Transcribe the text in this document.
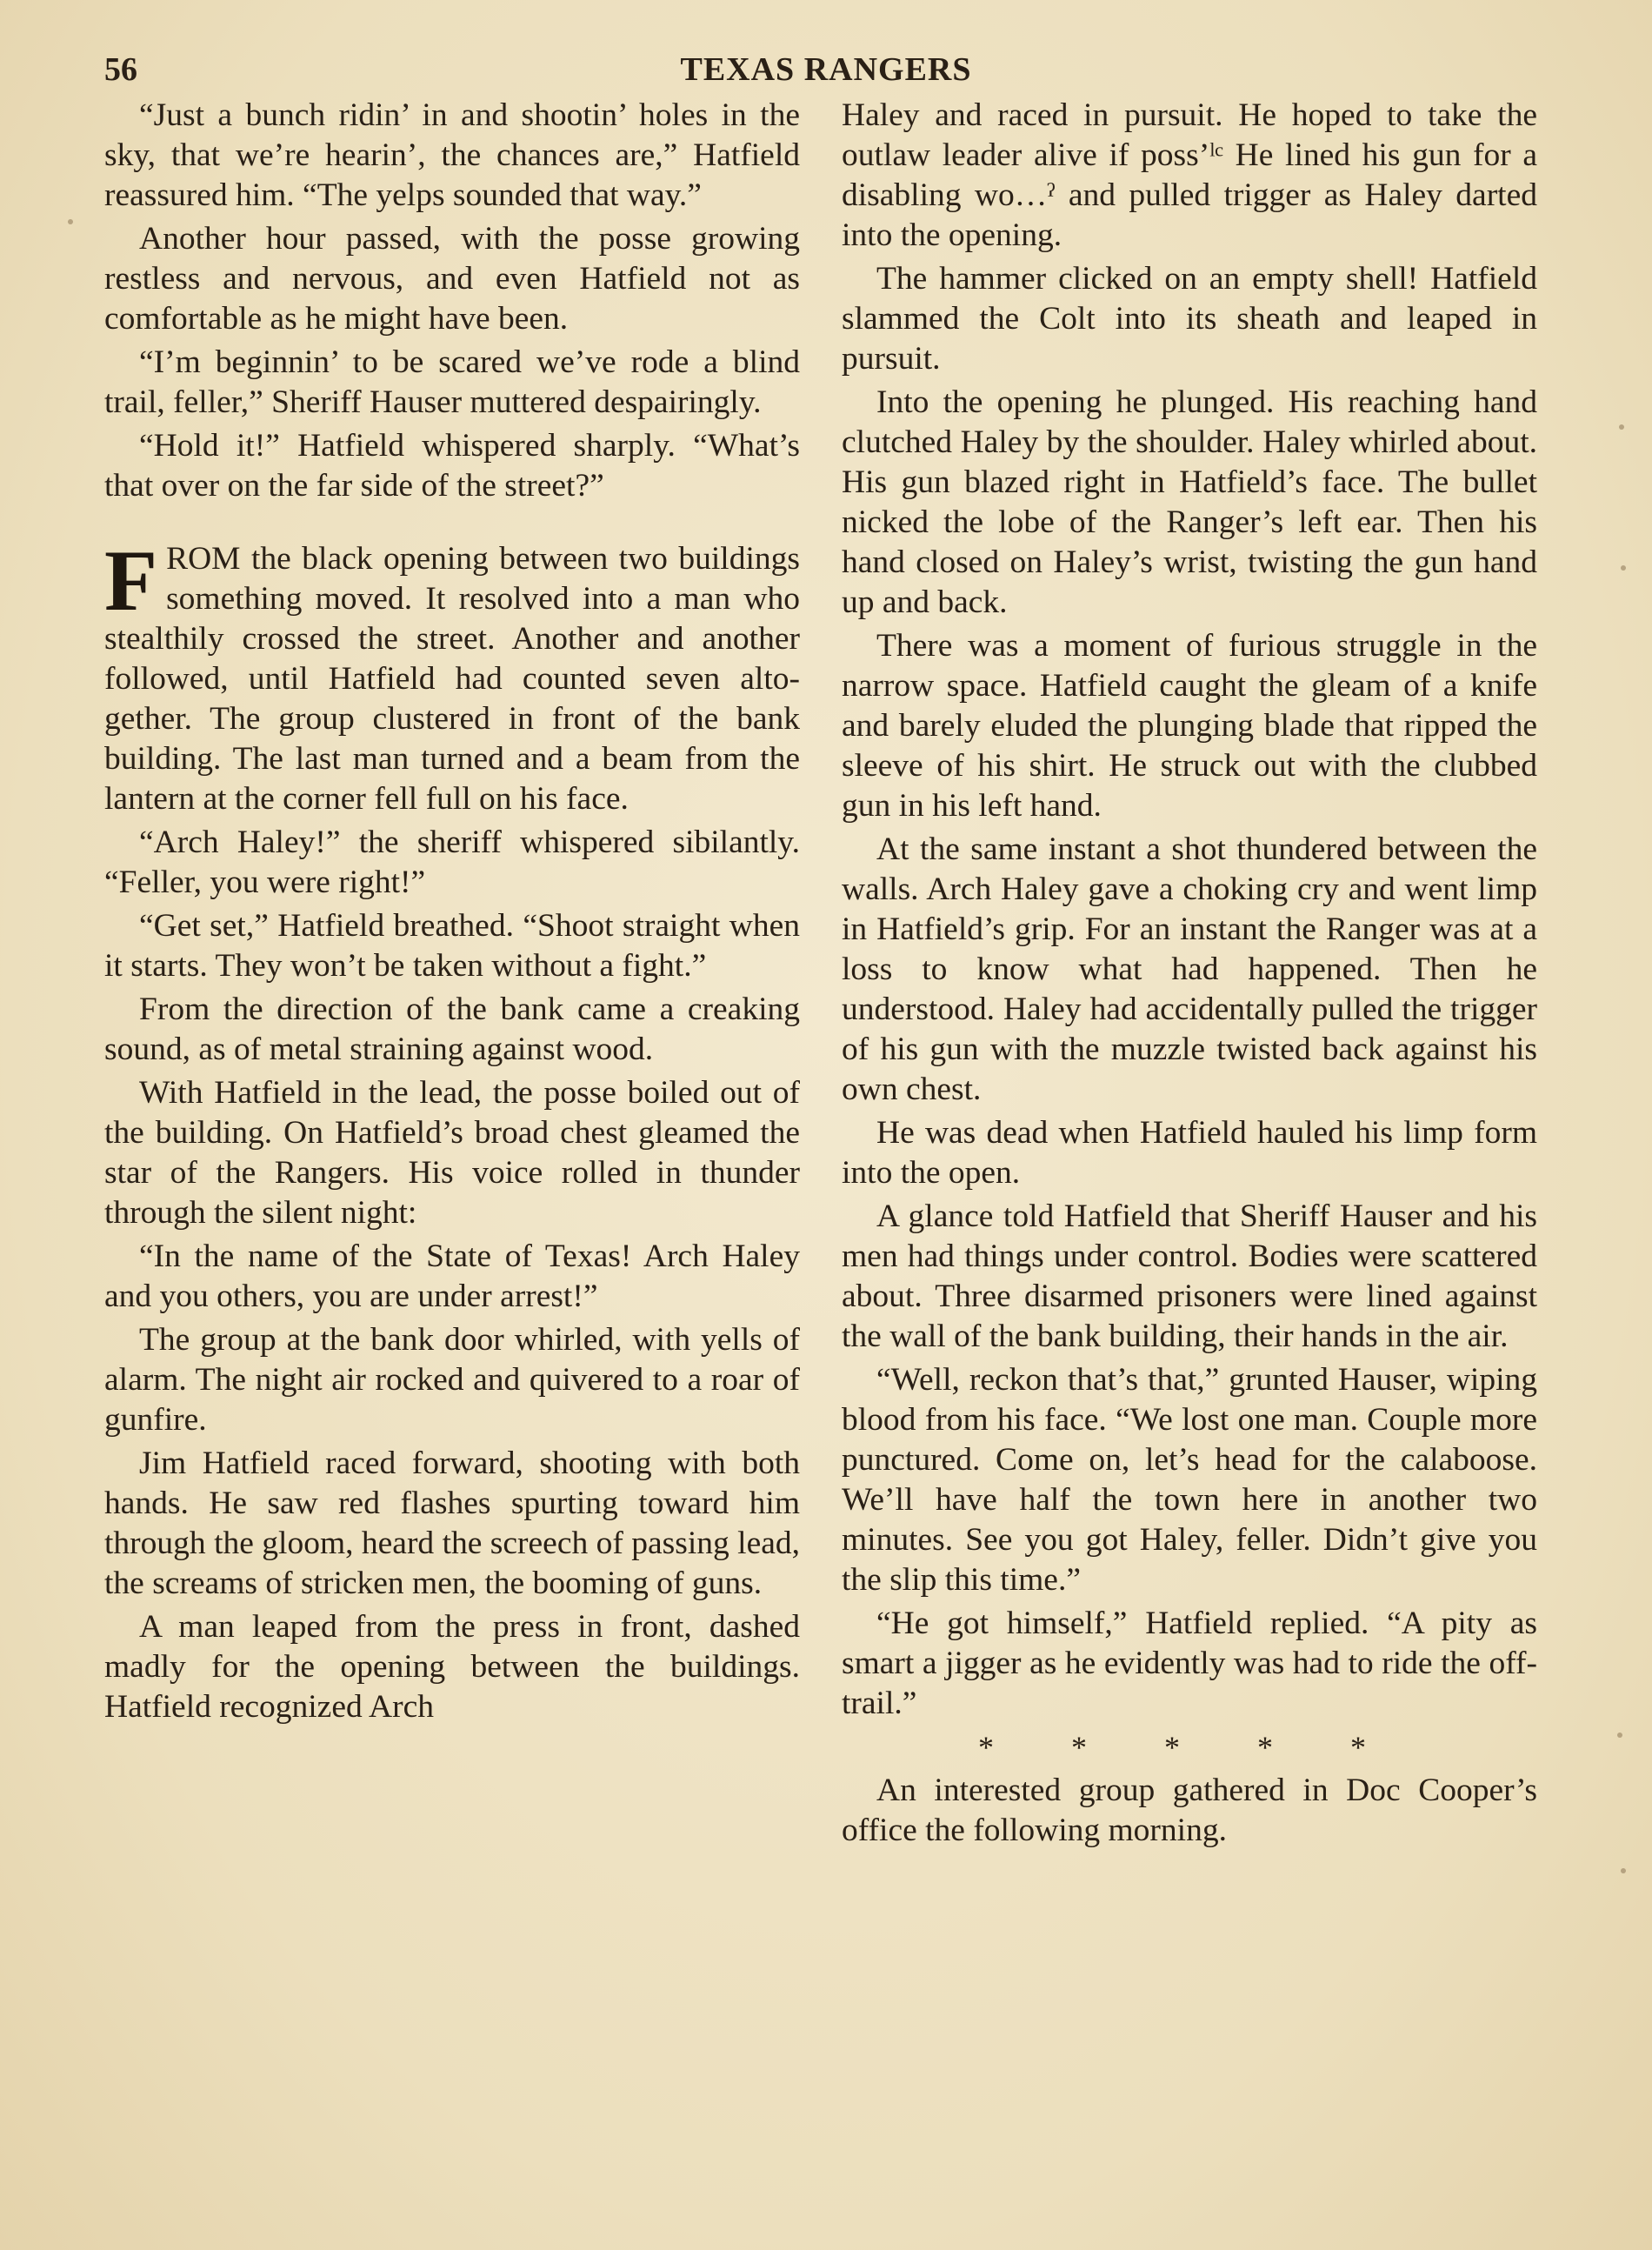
56	TEXAS RANGERS

“Just a bunch ridin’ in and shootin’ holes in the sky, that we’re hearin’, the chances are,” Hatfield reassured him. “The yelps sounded that way.”

Another hour passed, with the posse growing restless and nervous, and even Hatfield not as comfortable as he might have been.

“I’m beginnin’ to be scared we’ve rode a blind trail, feller,” Sheriff Hauser muttered despairingly.

“Hold it!” Hatfield whispered sharply. “What’s that over on the far side of the street?”

FROM the black opening between two buildings something moved. It resolved into a man who stealthily crossed the street. Another and another followed, until Hatfield had counted seven altogether. The group clustered in front of the bank building. The last man turned and a beam from the lantern at the corner fell full on his face.

“Arch Haley!” the sheriff whispered sibilantly. “Feller, you were right!”

“Get set,” Hatfield breathed. “Shoot straight when it starts. They won’t be taken without a fight.”

From the direction of the bank came a creaking sound, as of metal straining against wood.

With Hatfield in the lead, the posse boiled out of the building. On Hatfield’s broad chest gleamed the star of the Rangers. His voice rolled in thunder through the silent night:

“In the name of the State of Texas! Arch Haley and you others, you are under arrest!”

The group at the bank door whirled, with yells of alarm. The night air rocked and quivered to a roar of gunfire.

Jim Hatfield raced forward, shooting with both hands. He saw red flashes spurting toward him through the gloom, heard the screech of passing lead, the screams of stricken men, the booming of guns.

A man leaped from the press in front, dashed madly for the opening between the buildings. Hatfield recognized Arch

Haley and raced in pursuit. He hoped to take the outlaw leader alive if possʼˡᶜ He lined his gun for a disabling wo…ˀ and pulled trigger as Haley darted into the opening.

The hammer clicked on an empty shell! Hatfield slammed the Colt into its sheath and leaped in pursuit.

Into the opening he plunged. His reaching hand clutched Haley by the shoulder. Haley whirled about. His gun blazed right in Hatfield’s face. The bullet nicked the lobe of the Ranger’s left ear. Then his hand closed on Haley’s wrist, twisting the gun hand up and back.

There was a moment of furious struggle in the narrow space. Hatfield caught the gleam of a knife and barely eluded the plunging blade that ripped the sleeve of his shirt. He struck out with the clubbed gun in his left hand.

At the same instant a shot thundered between the walls. Arch Haley gave a choking cry and went limp in Hatfield’s grip. For an instant the Ranger was at a loss to know what had happened. Then he understood. Haley had accidentally pulled the trigger of his gun with the muzzle twisted back against his own chest.

He was dead when Hatfield hauled his limp form into the open.

A glance told Hatfield that Sheriff Hauser and his men had things under control. Bodies were scattered about. Three disarmed prisoners were lined against the wall of the bank building, their hands in the air.

“Well, reckon that’s that,” grunted Hauser, wiping blood from his face. “We lost one man. Couple more punctured. Come on, let’s head for the calaboose. We’ll have half the town here in another two minutes. See you got Haley, feller. Didn’t give you the slip this time.”

“He got himself,” Hatfield replied. “A pity as smart a jigger as he evidently was had to ride the off-trail.”

* * * * *

An interested group gathered in Doc Cooper’s office the following morning.
